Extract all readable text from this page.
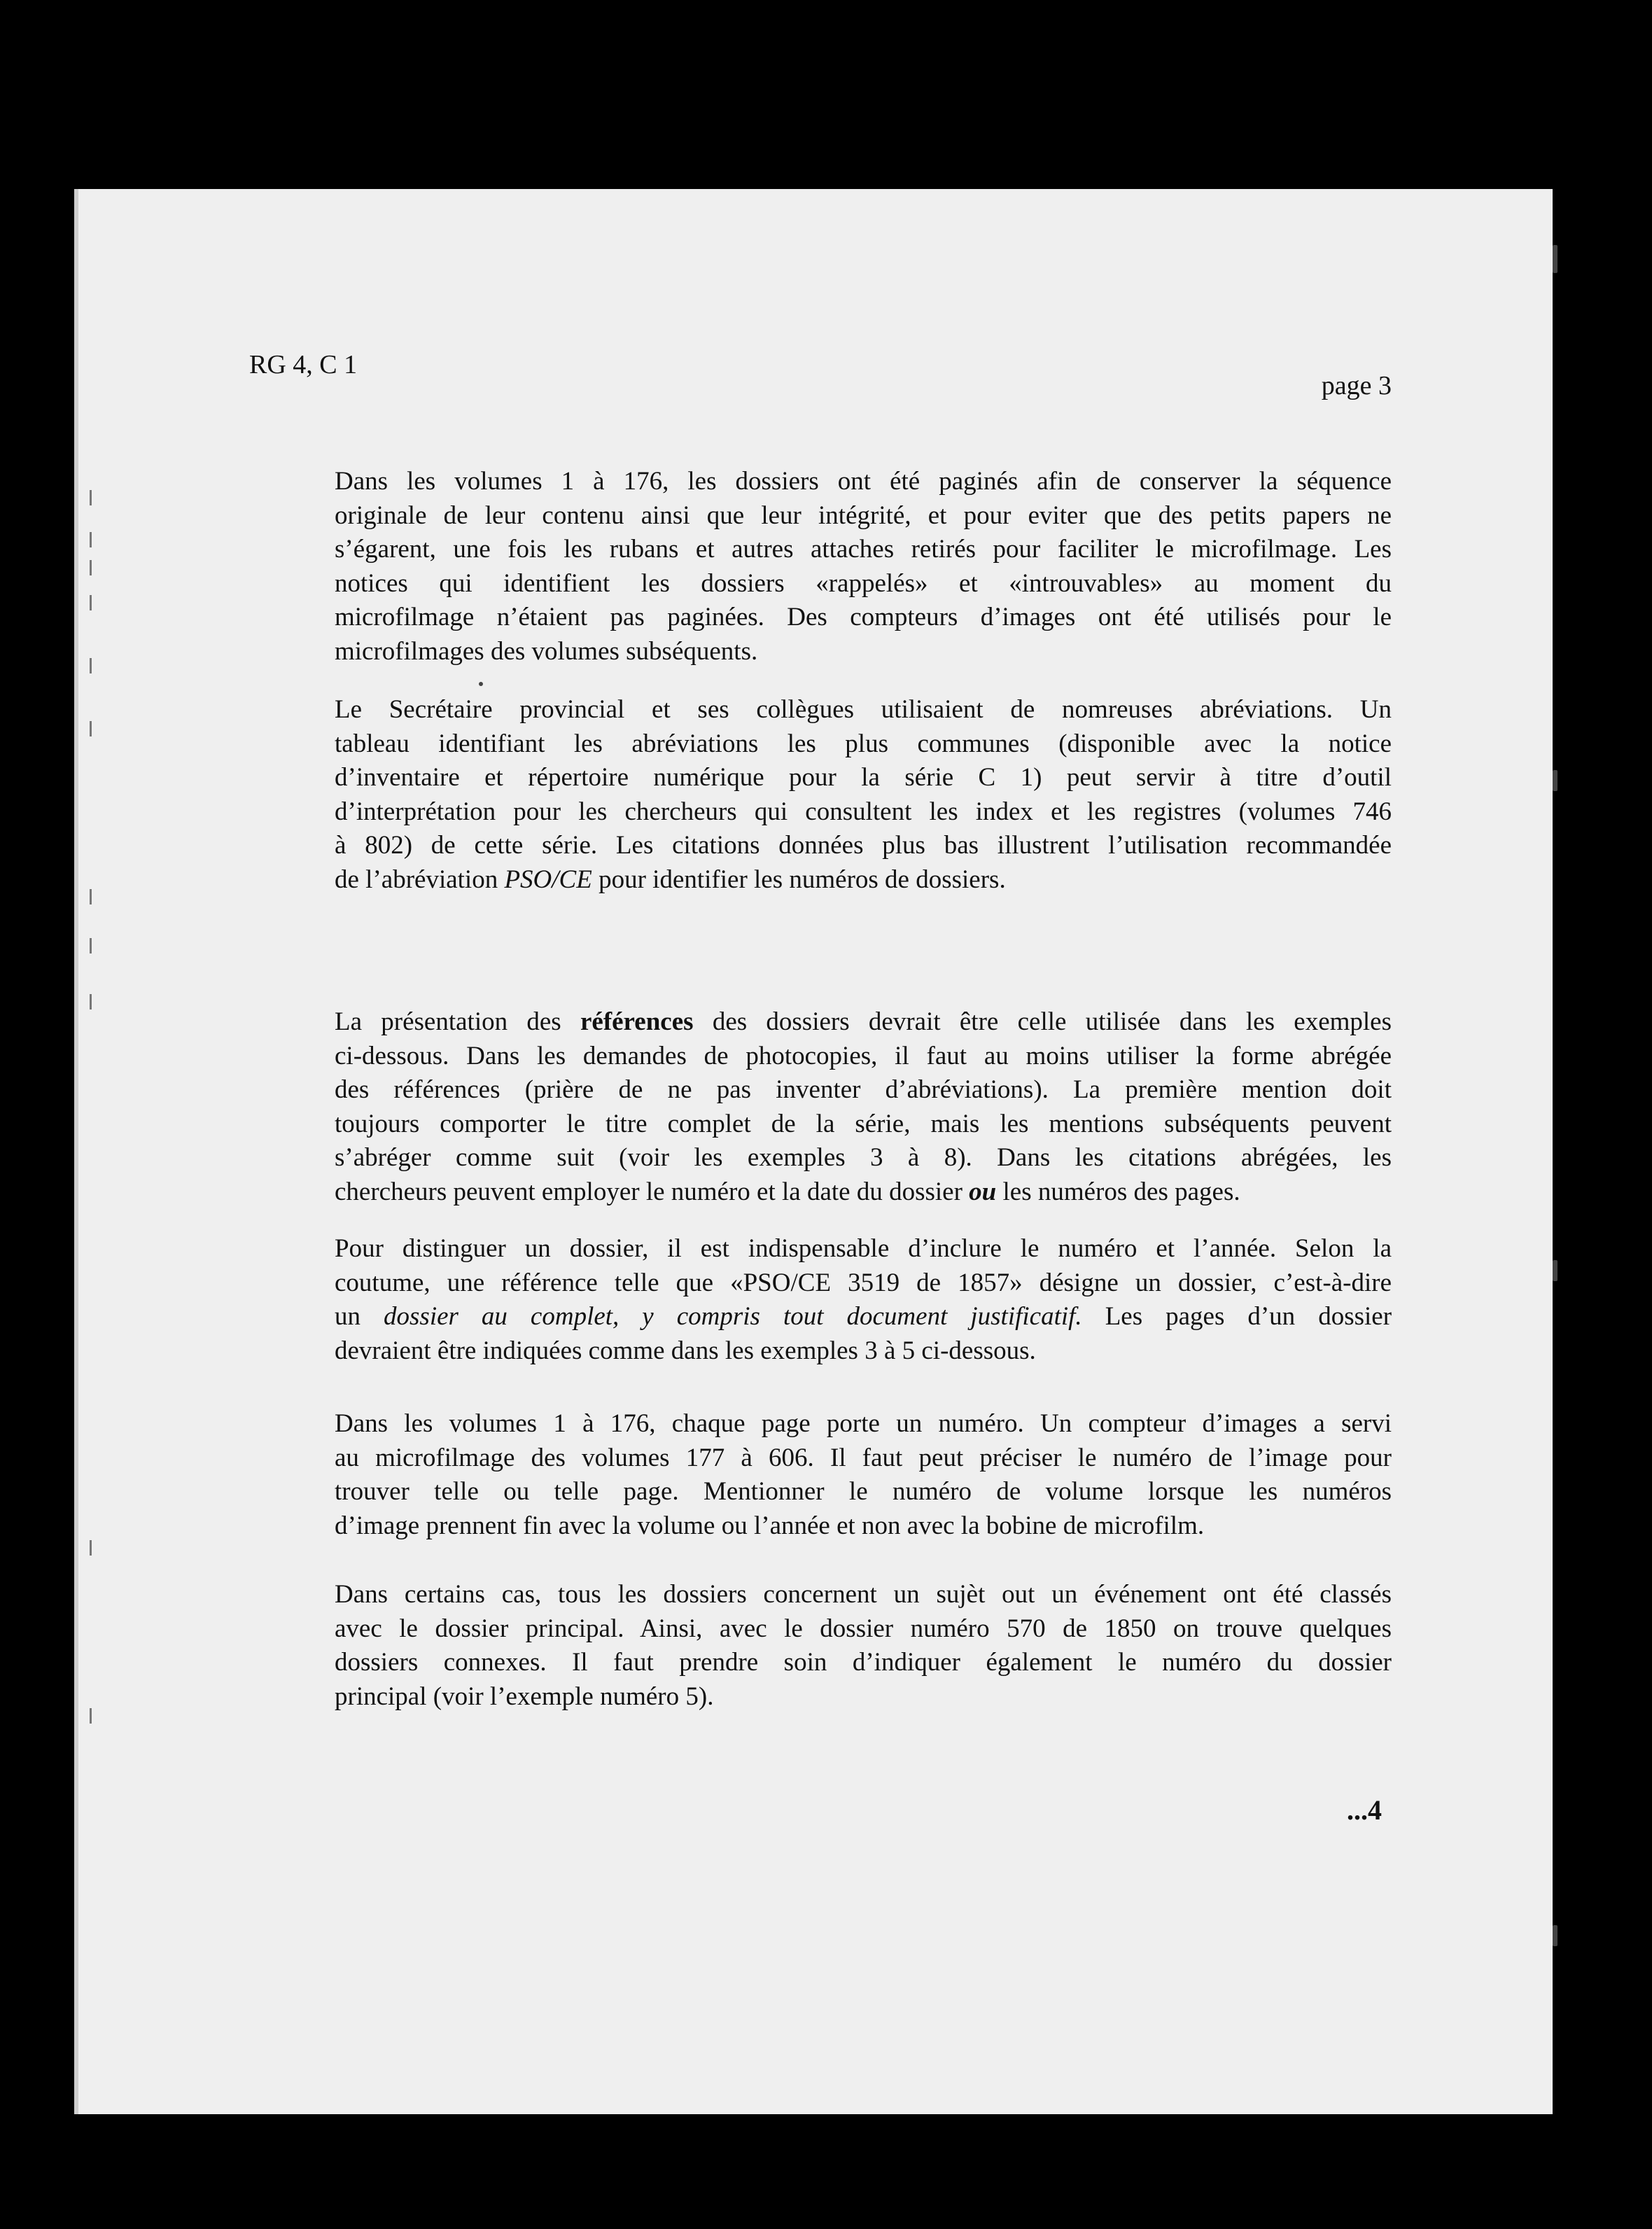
RG 4, C 1
page 3
Dans les volumes 1 à 176, les dossiers ont été paginés afin de conserver la séquence
originale de leur contenu ainsi que leur intégrité, et pour eviter que des petits papers ne
s’égarent, une fois les rubans et autres attaches retirés pour faciliter le microfilmage. Les
notices qui identifient les dossiers «rappelés» et «introuvables» au moment du
microfilmage n’étaient pas paginées. Des compteurs d’images ont été utilisés pour le
microfilmages des volumes subséquents.
Le Secrétaire provincial et ses collègues utilisaient de nomreuses abréviations. Un
tableau identifiant les abréviations les plus communes (disponible avec la notice
d’inventaire et répertoire numérique pour la série C 1) peut servir à titre d’outil
d’interprétation pour les chercheurs qui consultent les index et les registres (volumes 746
à 802) de cette série. Les citations données plus bas illustrent l’utilisation recommandée
de l’abréviation PSO/CE pour identifier les numéros de dossiers.
La présentation des références des dossiers devrait être celle utilisée dans les exemples
ci-dessous. Dans les demandes de photocopies, il faut au moins utiliser la forme abrégée
des références (prière de ne pas inventer d’abréviations). La première mention doit
toujours comporter le titre complet de la série, mais les mentions subséquents peuvent
s’abréger comme suit (voir les exemples 3 à 8). Dans les citations abrégées, les
chercheurs peuvent employer le numéro et la date du dossier ou les numéros des pages.
Pour distinguer un dossier, il est indispensable d’inclure le numéro et l’année. Selon la
coutume, une référence telle que «PSO/CE 3519 de 1857» désigne un dossier, c’est-à-dire
un dossier au complet, y compris tout document justificatif. Les pages d’un dossier
devraient être indiquées comme dans les exemples 3 à 5 ci-dessous.
Dans les volumes 1 à 176, chaque page porte un numéro. Un compteur d’images a servi
au microfilmage des volumes 177 à 606. Il faut peut préciser le numéro de l’image pour
trouver telle ou telle page. Mentionner le numéro de volume lorsque les numéros
d’image prennent fin avec la volume ou l’année et non avec la bobine de microfilm.
Dans certains cas, tous les dossiers concernent un sujèt out un événement ont été classés
avec le dossier principal. Ainsi, avec le dossier numéro 570 de 1850 on trouve quelques
dossiers connexes. Il faut prendre soin d’indiquer également le numéro du dossier
principal (voir l’exemple numéro 5).
...4
